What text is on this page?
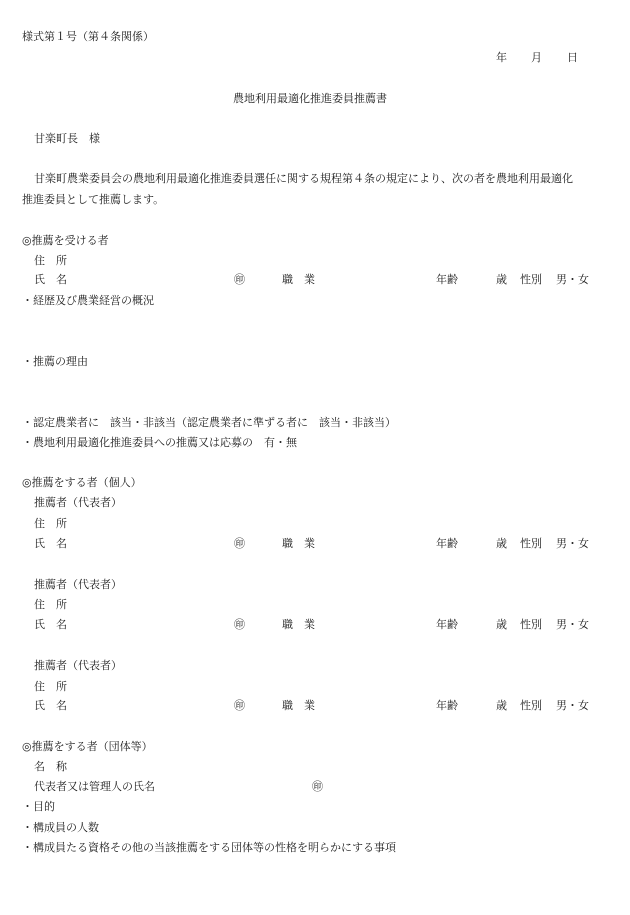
様式第１号（第４条関係）
年 月 日
農地利用最適化推進委員推薦書
甘楽町長　様
甘楽町農業委員会の農地利用最適化推進委員選任に関する規程第４条の規定により、次の者を農地利用最適化
推進委員として推薦します。
◎推薦を受ける者
住　所
氏　名	㊞	職　業	年齢	歳 性別 男・女
・経歴及び農業経営の概況
・推薦の理由
・認定農業者に　該当・非該当（認定農業者に準ずる者に　該当・非該当）
・農地利用最適化推進委員への推薦又は応募の　有・無
◎推薦をする者（個人）
推薦者（代表者）
住　所
氏　名	㊞	職　業	年齢	歳 性別 男・女
推薦者（代表者）
住　所
氏　名	㊞	職　業	年齢	歳 性別 男・女
推薦者（代表者）
住　所
氏　名	㊞	職　業	年齢	歳 性別 男・女
◎推薦をする者（団体等）
名　称
代表者又は管理人の氏名	㊞
・目的
・構成員の人数
・構成員たる資格その他の当該推薦をする団体等の性格を明らかにする事項
